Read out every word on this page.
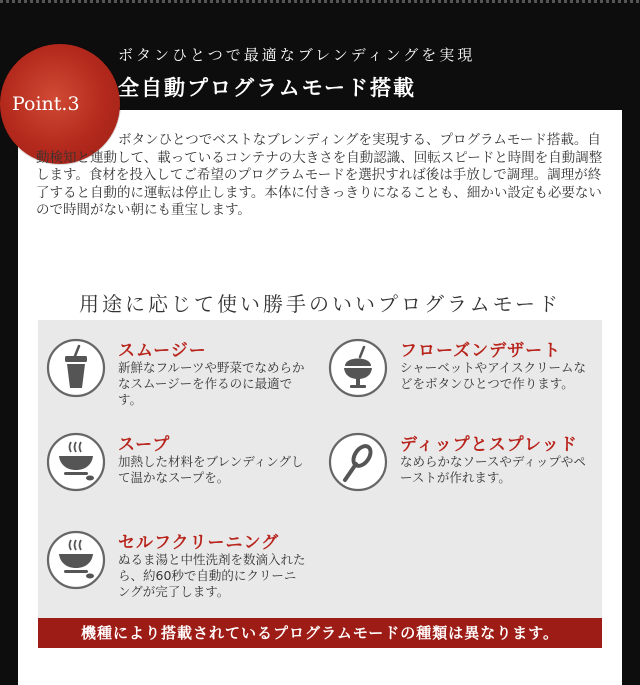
ボタンひとつで最適なブレンディングを実現
全自動プログラムモード搭載
Point.3
ボタンひとつでベストなブレンディングを実現する、プログラムモード搭載。自動検知と連動して、載っているコンテナの大きさを自動認識、回転スピードと時間を自動調整します。食材を投入してご希望のプログラムモードを選択すれば後は手放しで調理。調理が終了すると自動的に運転は停止します。本体に付きっきりになることも、細かい設定も必要ないので時間がない朝にも重宝します。
用途に応じて使い勝手のいいプログラムモード
スムージー
新鮮なフルーツや野菜でなめらかなスムージーを作るのに最適です。
フローズンデザート
シャーベットやアイスクリームなどをボタンひとつで作ります。
スープ
加熱した材料をブレンディングして温かなスープを。
ディップとスプレッド
なめらかなソースやディップやペーストが作れます。
セルフクリーニング
ぬるま湯と中性洗剤を数滴入れたら、約60秒で自動的にクリーニングが完了します。
機種により搭載されているプログラムモードの種類は異なります。
